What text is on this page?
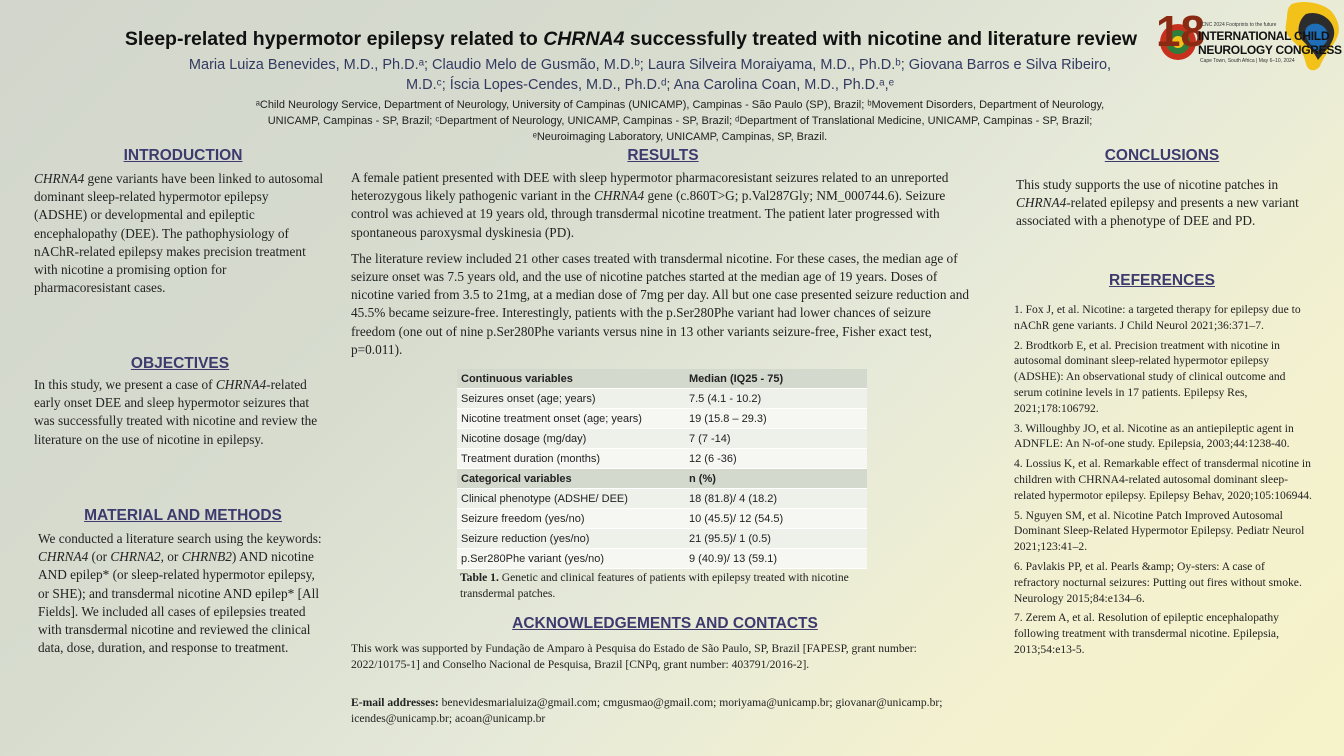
Sleep-related hypermotor epilepsy related to CHRNA4 successfully treated with nicotine and literature review
Maria Luiza Benevides, M.D., Ph.D.ᵃ; Claudio Melo de Gusmão, M.D.ᵇ; Laura Silveira Moraiyama, M.D., Ph.D.ᵇ; Giovana Barros e Silva Ribeiro,
M.D.ᶜ; Íscia Lopes-Cendes, M.D., Ph.D.ᵈ; Ana Carolina Coan, M.D., Ph.D.ᵃ,ᵉ
ᵃChild Neurology Service, Department of Neurology, University of Campinas (UNICAMP), Campinas - São Paulo (SP), Brazil; ᵇMovement Disorders, Department of Neurology,
UNICAMP, Campinas - SP, Brazil; ᶜDepartment of Neurology, UNICAMP, Campinas - SP, Brazil; ᵈDepartment of Translational Medicine, UNICAMP, Campinas - SP, Brazil;
ᵉNeuroimaging Laboratory, UNICAMP, Campinas, SP, Brazil.
18
ICNC 2024 Footprints to the future
INTERNATIONAL CHILD
NEUROLOGY CONGRESS
Cape Town, South Africa | May 6–10, 2024
INTRODUCTION
CHRNA4 gene variants have been linked to autosomal dominant sleep-related hypermotor epilepsy (ADSHE) or developmental and epileptic encephalopathy (DEE). The pathophysiology of nAChR-related epilepsy makes precision treatment with nicotine a promising option for pharmacoresistant cases.
OBJECTIVES
In this study, we present a case of CHRNA4-related early onset DEE and sleep hypermotor seizures that was successfully treated with nicotine and review the literature on the use of nicotine in epilepsy.
MATERIAL AND METHODS
We conducted a literature search using the keywords: CHRNA4 (or CHRNA2, or CHRNB2) AND nicotine AND epilep* (or sleep-related hypermotor epilepsy, or SHE); and transdermal nicotine AND epilep* [All Fields]. We included all cases of epilepsies treated with transdermal nicotine and reviewed the clinical data, dose, duration, and response to treatment.
RESULTS

A female patient presented with DEE with sleep hypermotor pharmacoresistant seizures related to an unreported heterozygous likely pathogenic variant in the CHRNA4 gene (c.860T>G; p.Val287Gly; NM_000744.6). Seizure control was achieved at 19 years old, through transdermal nicotine treatment. The patient later progressed with spontaneous paroxysmal dyskinesia (PD).

The literature review included 21 other cases treated with transdermal nicotine. For these cases, the median age of seizure onset was 7.5 years old, and the use of nicotine patches started at the median age of 19 years. Doses of nicotine varied from 3.5 to 21mg, at a median dose of 7mg per day. All but one case presented seizure reduction and 45.5% became seizure-free. Interestingly, patients with the p.Ser280Phe variant had lower chances of seizure freedom (one out of nine p.Ser280Phe variants versus nine in 13 other variants seizure-free, Fisher exact test, p=0.011).

Continuous variables	Median (IQ25 - 75)
Seizures onset (age; years)	7.5 (4.1 - 10.2)
Nicotine treatment onset (age; years)	19 (15.8 – 29.3)
Nicotine dosage (mg/day)	7 (7 -14)
Treatment duration (months)	12 (6 -36)
Categorical variables	n (%)
Clinical phenotype (ADSHE/ DEE)	18 (81.8)/ 4 (18.2)
Seizure freedom (yes/no)	10 (45.5)/ 12 (54.5)
Seizure reduction (yes/no)	21 (95.5)/ 1 (0.5)
p.Ser280Phe variant (yes/no)	9 (40.9)/ 13 (59.1)
Table 1. Genetic and clinical features of patients with epilepsy treated with nicotine transdermal patches.
ACKNOWLEDGEMENTS AND CONTACTS
This work was supported by Fundação de Amparo à Pesquisa do Estado de São Paulo, SP, Brazil [FAPESP, grant number: 2022/10175-1] and Conselho Nacional de Pesquisa, Brazil [CNPq, grant number: 403791/2016-2].
E-mail addresses: benevidesmarialuiza@gmail.com; cmgusmao@gmail.com; moriyama@unicamp.br; giovanar@unicamp.br; icendes@unicamp.br; acoan@unicamp.br
CONCLUSIONS
This study supports the use of nicotine patches in CHRNA4-related epilepsy and presents a new variant associated with a phenotype of DEE and PD.
REFERENCES

1. Fox J, et al. Nicotine: a targeted therapy for epilepsy due to nAChR gene variants. J Child Neurol 2021;36:371–7.

2. Brodtkorb E, et al. Precision treatment with nicotine in autosomal dominant sleep-related hypermotor epilepsy (ADSHE): An observational study of clinical outcome and serum cotinine levels in 17 patients. Epilepsy Res, 2021;178:106792.

3. Willoughby JO, et al. Nicotine as an antiepileptic agent in ADNFLE: An N-of-one study. Epilepsia, 2003;44:1238-40.

4. Lossius K, et al. Remarkable effect of transdermal nicotine in children with CHRNA4-related autosomal dominant sleep-related hypermotor epilepsy. Epilepsy Behav, 2020;105:106944.

5. Nguyen SM, et al. Nicotine Patch Improved Autosomal Dominant Sleep-Related Hypermotor Epilepsy. Pediatr Neurol 2021;123:41–2.

6. Pavlakis PP, et al. Pearls &amp; Oy-sters: A case of refractory nocturnal seizures: Putting out fires without smoke. Neurology 2015;84:e134–6.

7. Zerem A, et al. Resolution of epileptic encephalopathy following treatment with transdermal nicotine. Epilepsia, 2013;54:e13-5.
